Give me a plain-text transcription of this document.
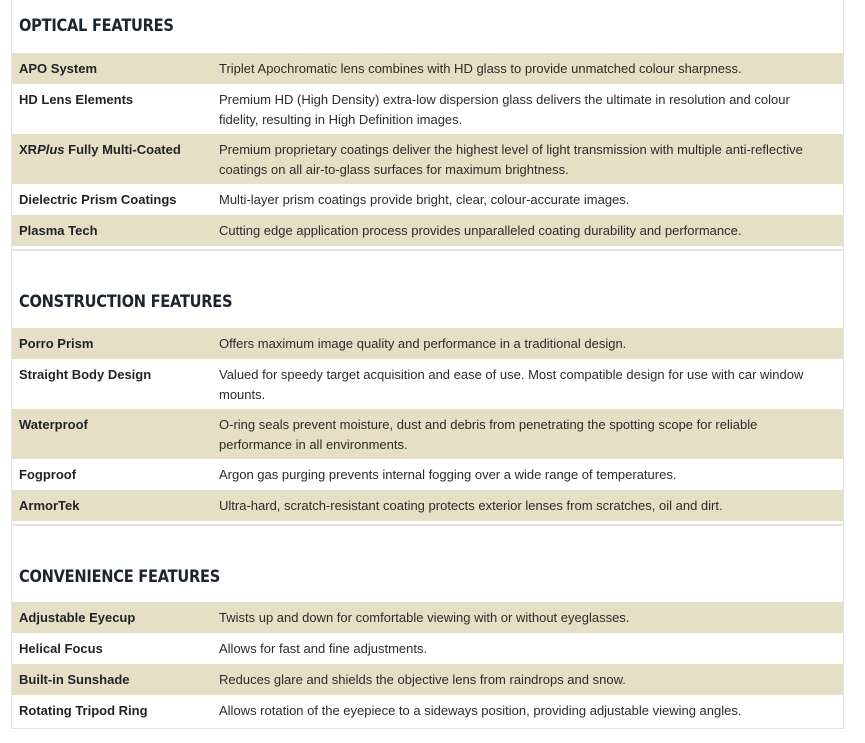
OPTICAL FEATURES
APO System	Triplet Apochromatic lens combines with HD glass to provide unmatched colour sharpness.
HD Lens Elements	Premium HD (High Density) extra-low dispersion glass delivers the ultimate in resolution and colour fidelity, resulting in High Definition images.
XRPlus Fully Multi-Coated	Premium proprietary coatings deliver the highest level of light transmission with multiple anti-reflective coatings on all air-to-glass surfaces for maximum brightness.
Dielectric Prism Coatings	Multi-layer prism coatings provide bright, clear, colour-accurate images.
Plasma Tech	Cutting edge application process provides unparalleled coating durability and performance.
CONSTRUCTION FEATURES
Porro Prism	Offers maximum image quality and performance in a traditional design.
Straight Body Design	Valued for speedy target acquisition and ease of use. Most compatible design for use with car window mounts.
Waterproof	O-ring seals prevent moisture, dust and debris from penetrating the spotting scope for reliable performance in all environments.
Fogproof	Argon gas purging prevents internal fogging over a wide range of temperatures.
ArmorTek	Ultra-hard, scratch-resistant coating protects exterior lenses from scratches, oil and dirt.
CONVENIENCE FEATURES
Adjustable Eyecup	Twists up and down for comfortable viewing with or without eyeglasses.
Helical Focus	Allows for fast and fine adjustments.
Built-in Sunshade	Reduces glare and shields the objective lens from raindrops and snow.
Rotating Tripod Ring	Allows rotation of the eyepiece to a sideways position, providing adjustable viewing angles.
